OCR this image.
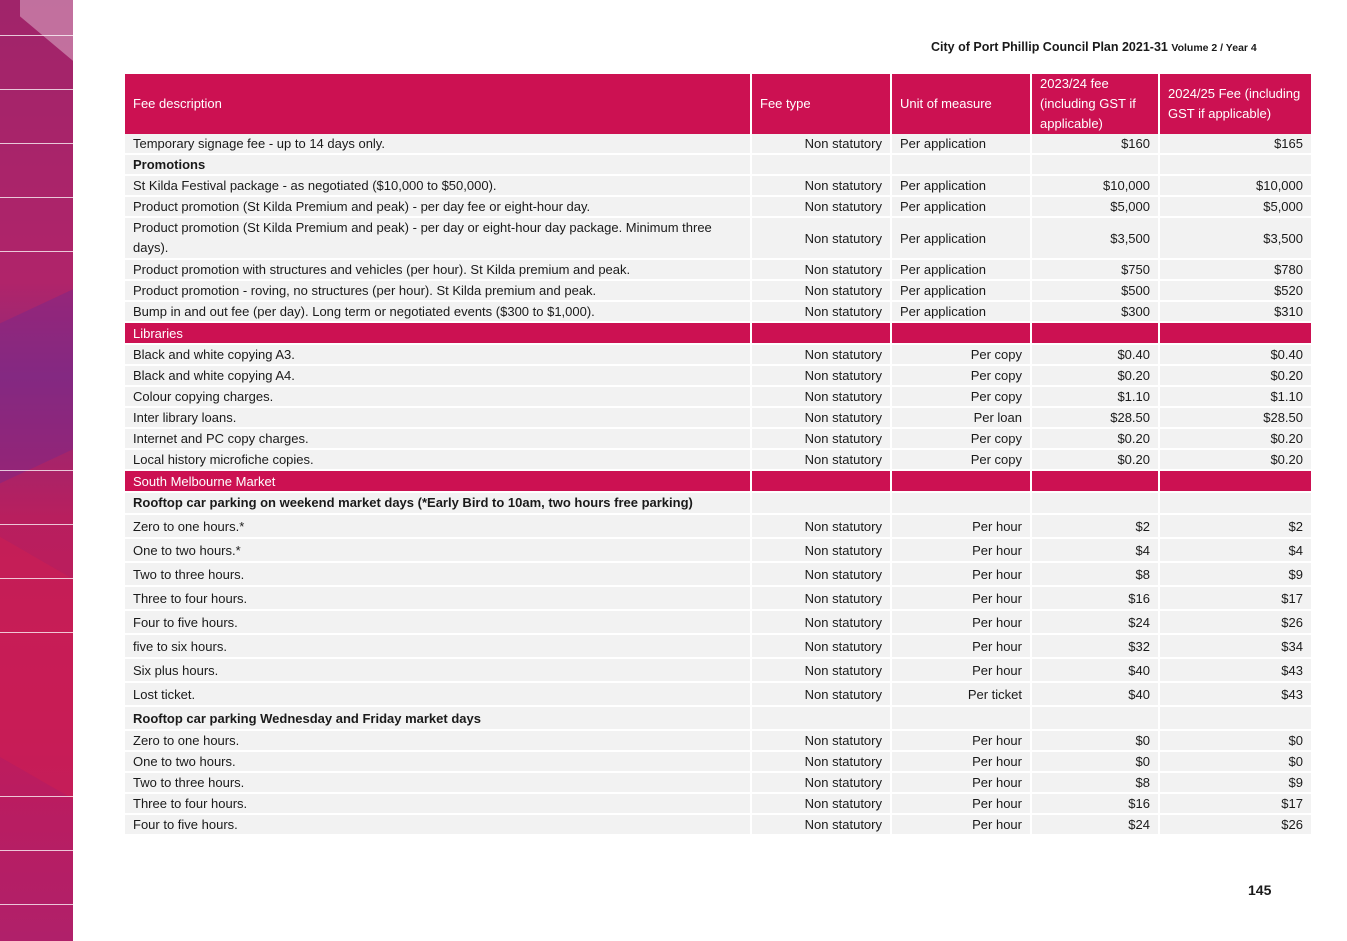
City of Port Phillip Council Plan 2021-31 Volume 2 / Year 4
Fee description	Fee type	Unit of measure	2023/24 fee (including GST if applicable)	2024/25 Fee (including GST if applicable)
Temporary signage fee - up to 14 days only.	Non statutory	Per application	$160	$165
Promotions				
St Kilda Festival package - as negotiated ($10,000 to $50,000).	Non statutory	Per application	$10,000	$10,000
Product promotion (St Kilda Premium and peak) - per day fee or eight-hour day.	Non statutory	Per application	$5,000	$5,000
Product promotion (St Kilda Premium and peak) - per day or eight-hour day package. Minimum three days).	Non statutory	Per application	$3,500	$3,500
Product promotion with structures and vehicles (per hour). St Kilda premium and peak.	Non statutory	Per application	$750	$780
Product promotion - roving, no structures (per hour). St Kilda premium and peak.	Non statutory	Per application	$500	$520
Bump in and out fee (per day). Long term or negotiated events ($300 to $1,000).	Non statutory	Per application	$300	$310
Libraries				
Black and white copying A3.	Non statutory	Per copy	$0.40	$0.40
Black and white copying A4.	Non statutory	Per copy	$0.20	$0.20
Colour copying charges.	Non statutory	Per copy	$1.10	$1.10
Inter library loans.	Non statutory	Per loan	$28.50	$28.50
Internet and PC copy charges.	Non statutory	Per copy	$0.20	$0.20
Local history microfiche copies.	Non statutory	Per copy	$0.20	$0.20
South Melbourne Market				
Rooftop car parking on weekend market days (*Early Bird to 10am, two hours free parking)				
Zero to one hours.*	Non statutory	Per hour	$2	$2
One to two hours.*	Non statutory	Per hour	$4	$4
Two to three hours.	Non statutory	Per hour	$8	$9
Three to four hours.	Non statutory	Per hour	$16	$17
Four to five hours.	Non statutory	Per hour	$24	$26
five to six hours.	Non statutory	Per hour	$32	$34
Six plus hours.	Non statutory	Per hour	$40	$43
Lost ticket.	Non statutory	Per ticket	$40	$43
Rooftop car parking Wednesday and Friday market days				
Zero to one hours.	Non statutory	Per hour	$0	$0
One to two hours.	Non statutory	Per hour	$0	$0
Two to three hours.	Non statutory	Per hour	$8	$9
Three to four hours.	Non statutory	Per hour	$16	$17
Four to five hours.	Non statutory	Per hour	$24	$26
145
